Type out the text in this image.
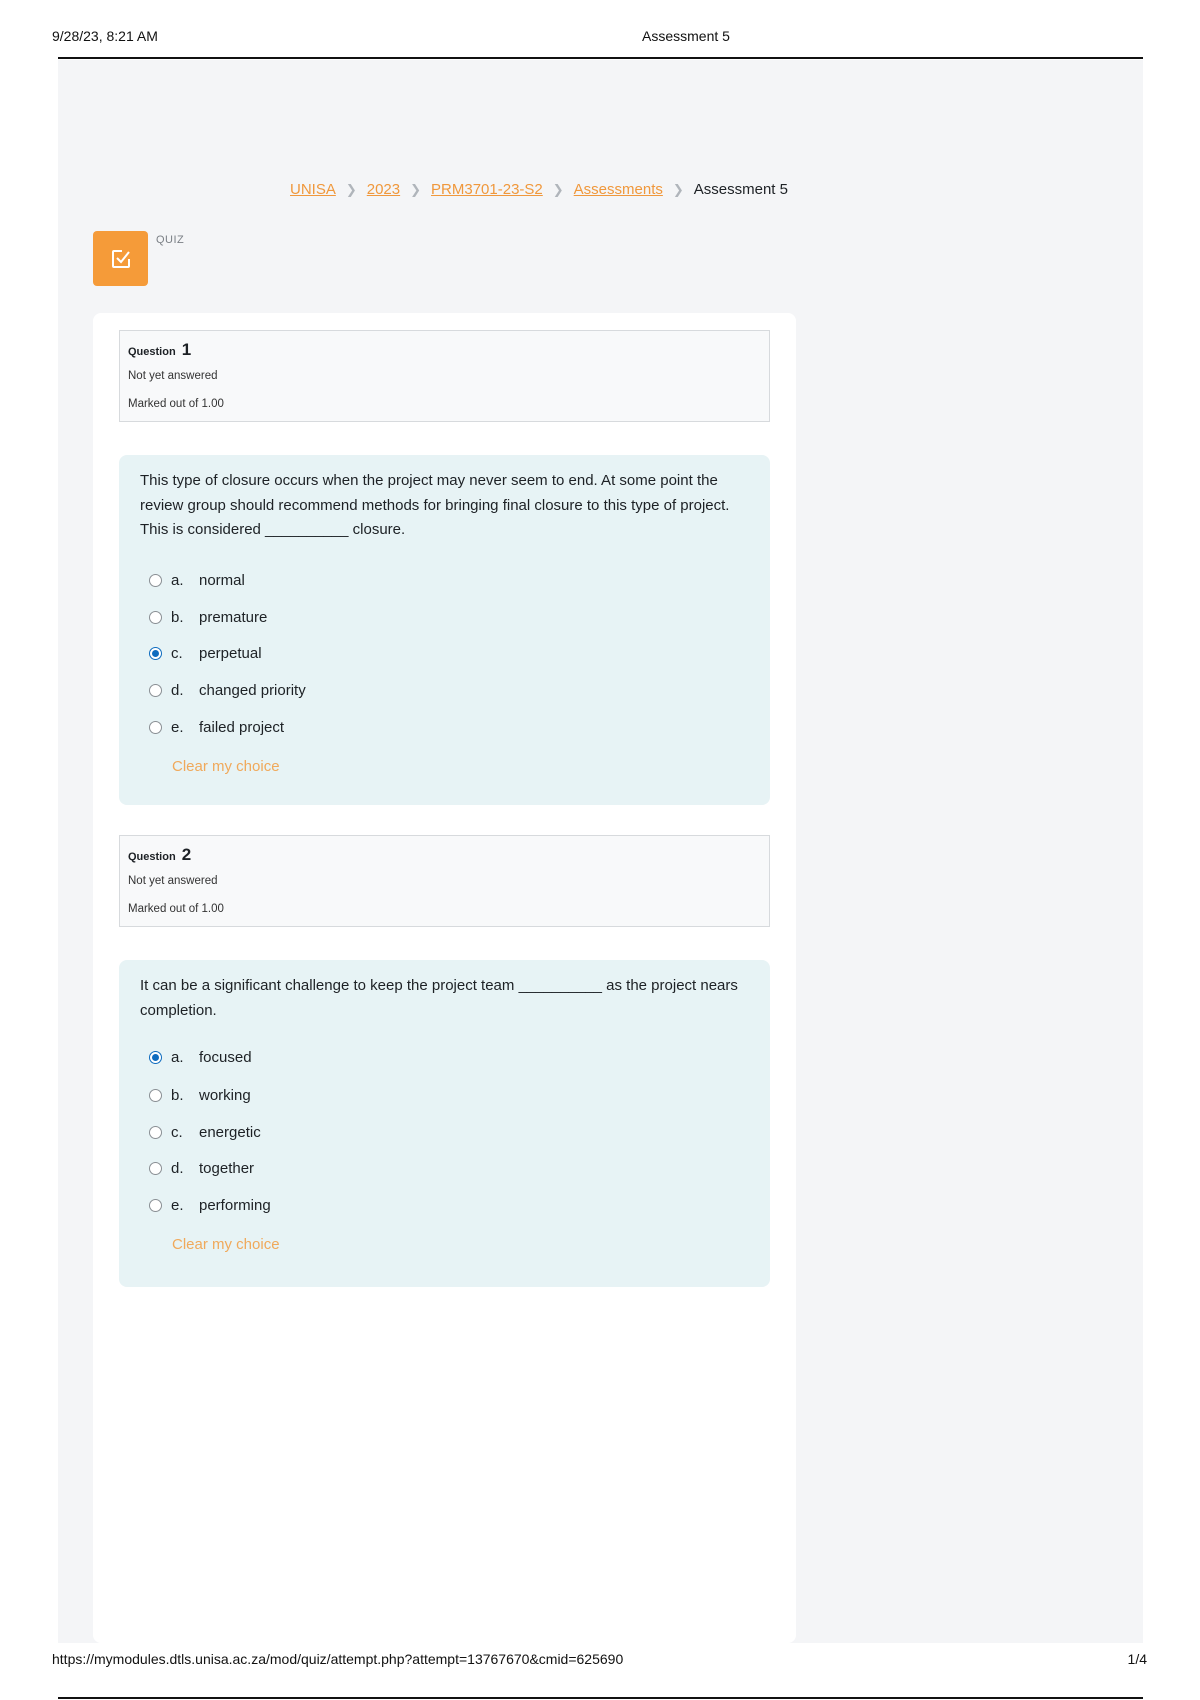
9/28/23, 8:21 AM	Assessment 5
UNISA ❯ 2023 ❯ PRM3701-23-S2 ❯ Assessments ❯ Assessment 5
QUIZ
Question 1
Not yet answered
Marked out of 1.00
This type of closure occurs when the project may never seem to end. At some point the review group should recommend methods for bringing final closure to this type of project. This is considered __________ closure.
a.	normal
b.	premature
c.	perpetual
d.	changed priority
e.	failed project
Clear my choice
Question 2
Not yet answered
Marked out of 1.00
It can be a significant challenge to keep the project team __________ as the project nears completion.
a.	focused
b.	working
c.	energetic
d.	together
e.	performing
Clear my choice
https://mymodules.dtls.unisa.ac.za/mod/quiz/attempt.php?attempt=13767670&cmid=625690	1/4
